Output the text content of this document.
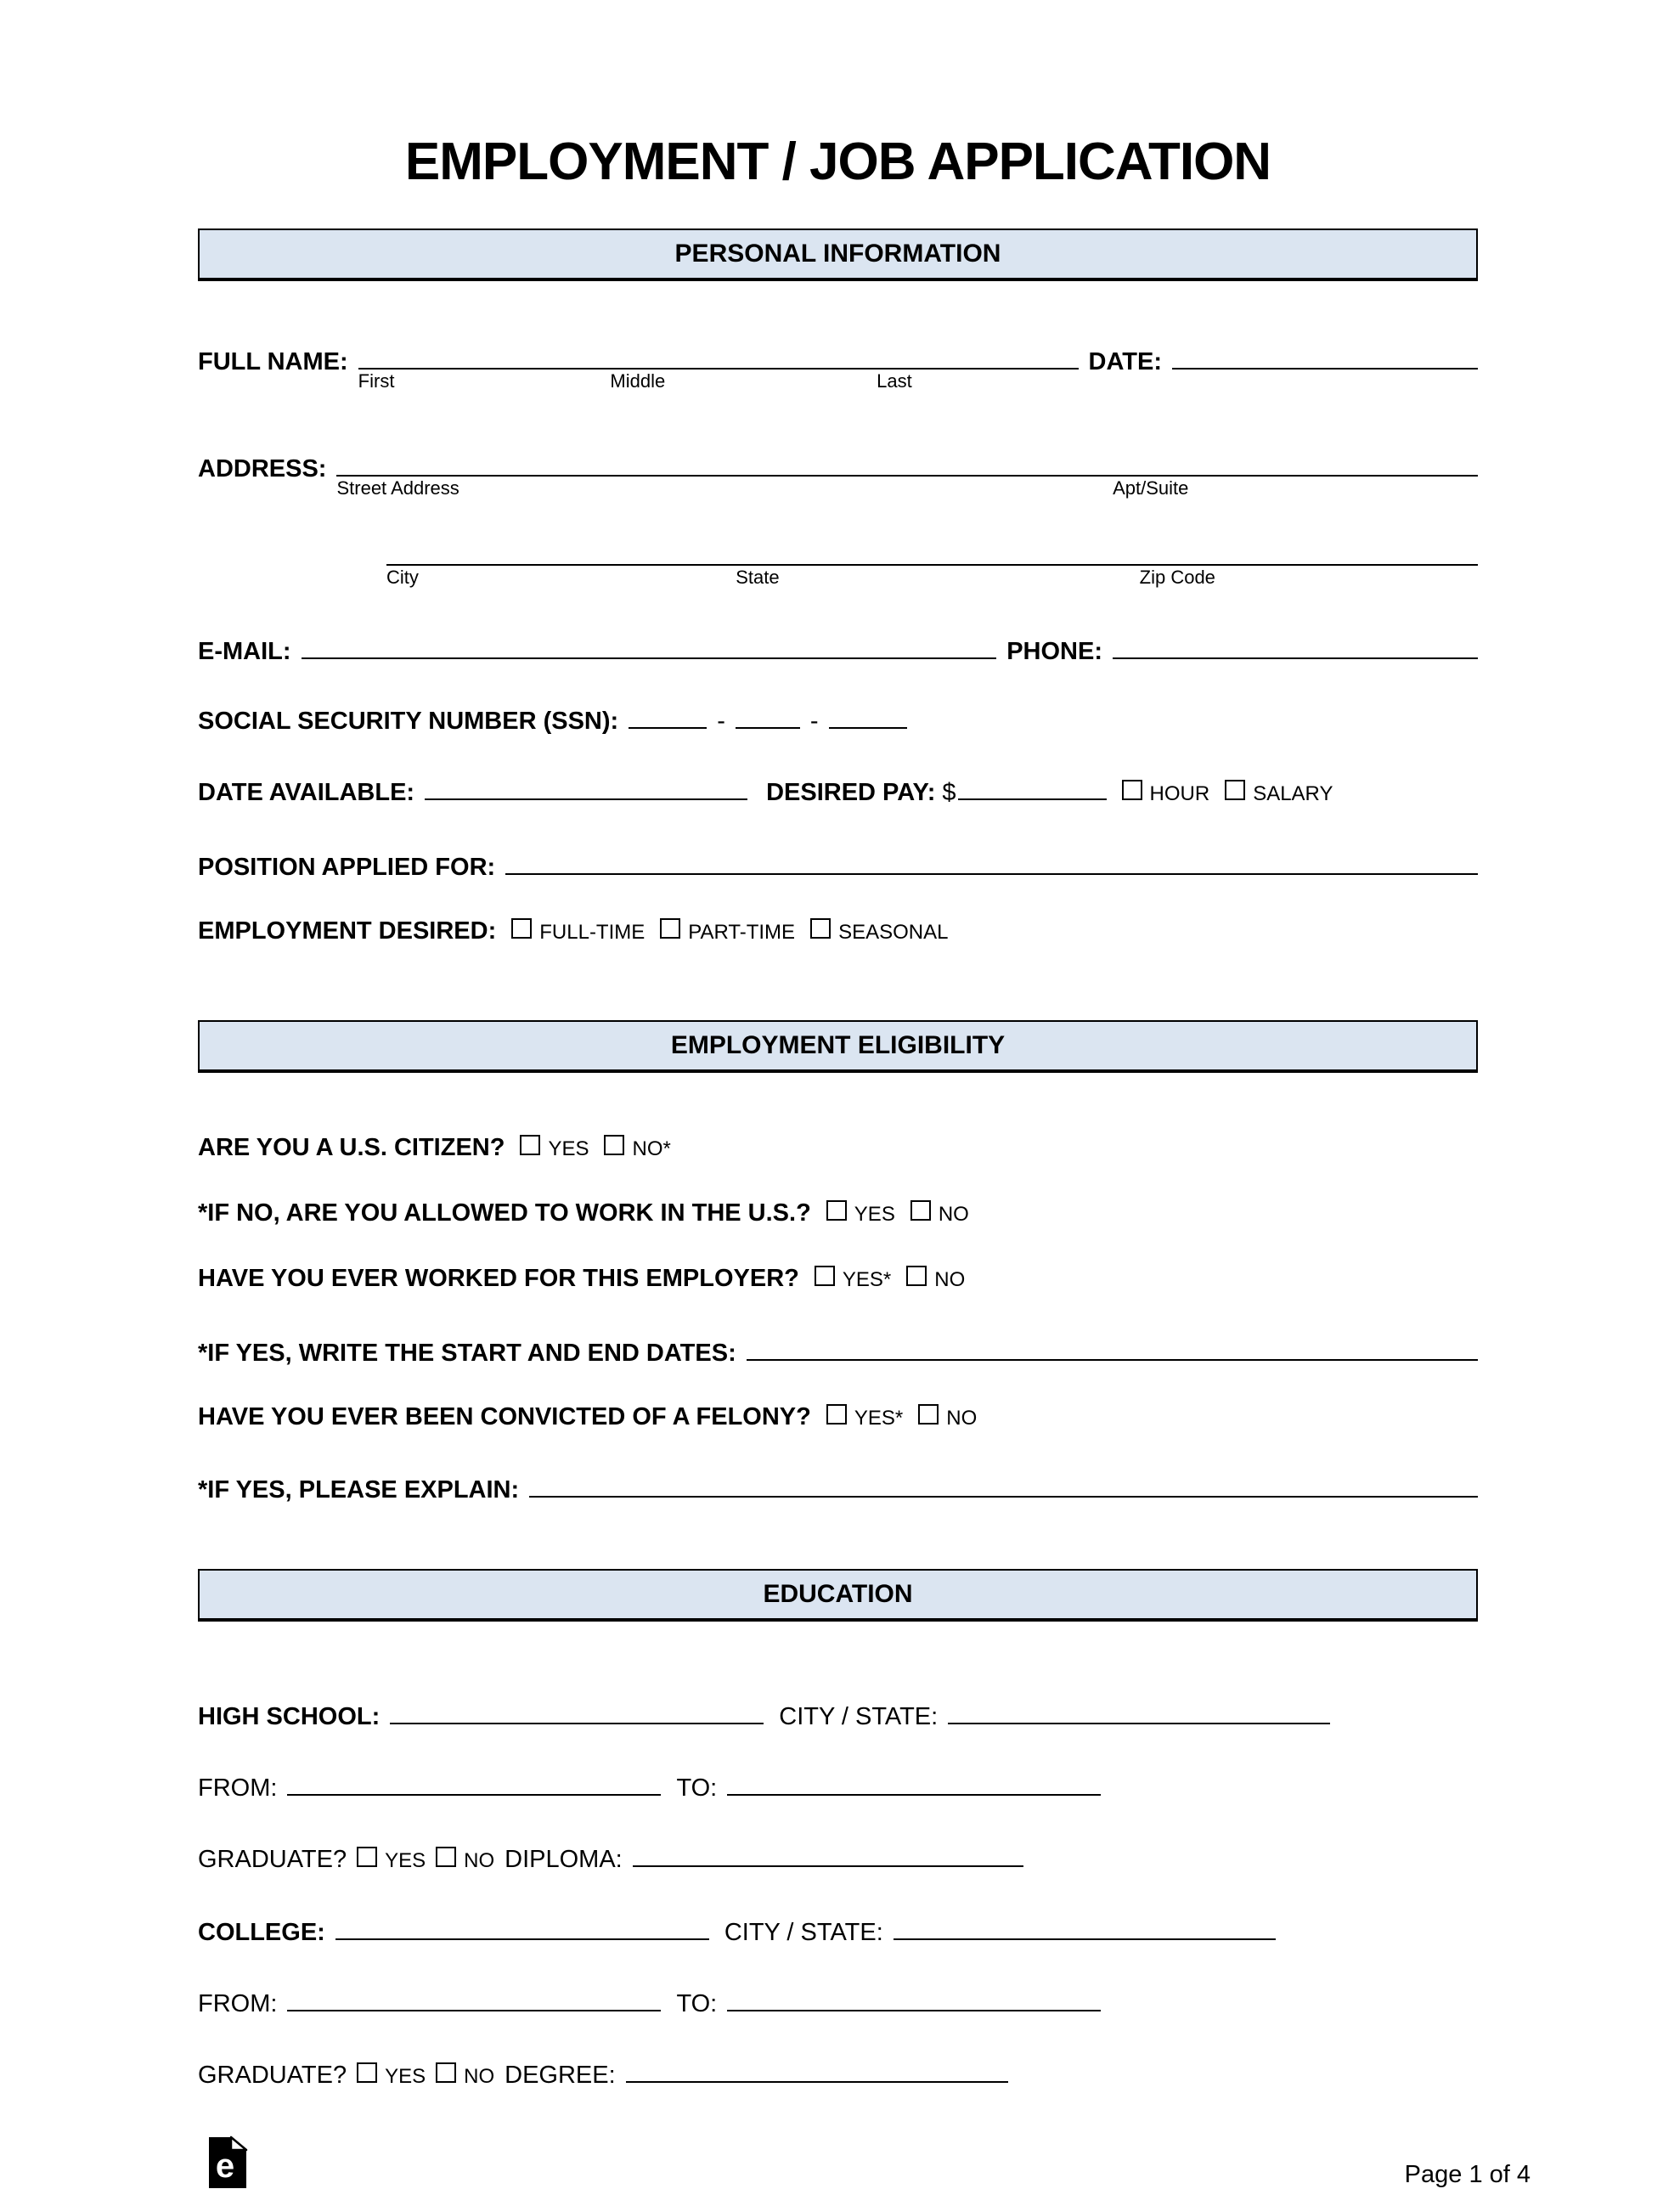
EMPLOYMENT / JOB APPLICATION
PERSONAL INFORMATION
FULL NAME:
First	Middle	Last
DATE:
ADDRESS:
Street Address	Apt/Suite
City	State	Zip Code
E-MAIL:	PHONE:
SOCIAL SECURITY NUMBER (SSN):	-	-
DATE AVAILABLE:	DESIRED PAY: $	HOUR SALARY
POSITION APPLIED FOR:
EMPLOYMENT DESIRED: FULL-TIME PART-TIME SEASONAL
EMPLOYMENT ELIGIBILITY
ARE YOU A U.S. CITIZEN? YES NO*
*IF NO, ARE YOU ALLOWED TO WORK IN THE U.S.? YES NO
HAVE YOU EVER WORKED FOR THIS EMPLOYER? YES* NO
*IF YES, WRITE THE START AND END DATES:
HAVE YOU EVER BEEN CONVICTED OF A FELONY? YES* NO
*IF YES, PLEASE EXPLAIN:
EDUCATION
HIGH SCHOOL:	CITY / STATE:
FROM:	TO:
GRADUATE? YES NO DIPLOMA:
COLLEGE:	CITY / STATE:
FROM:	TO:
GRADUATE? YES NO DEGREE:
e	Page 1 of 4
